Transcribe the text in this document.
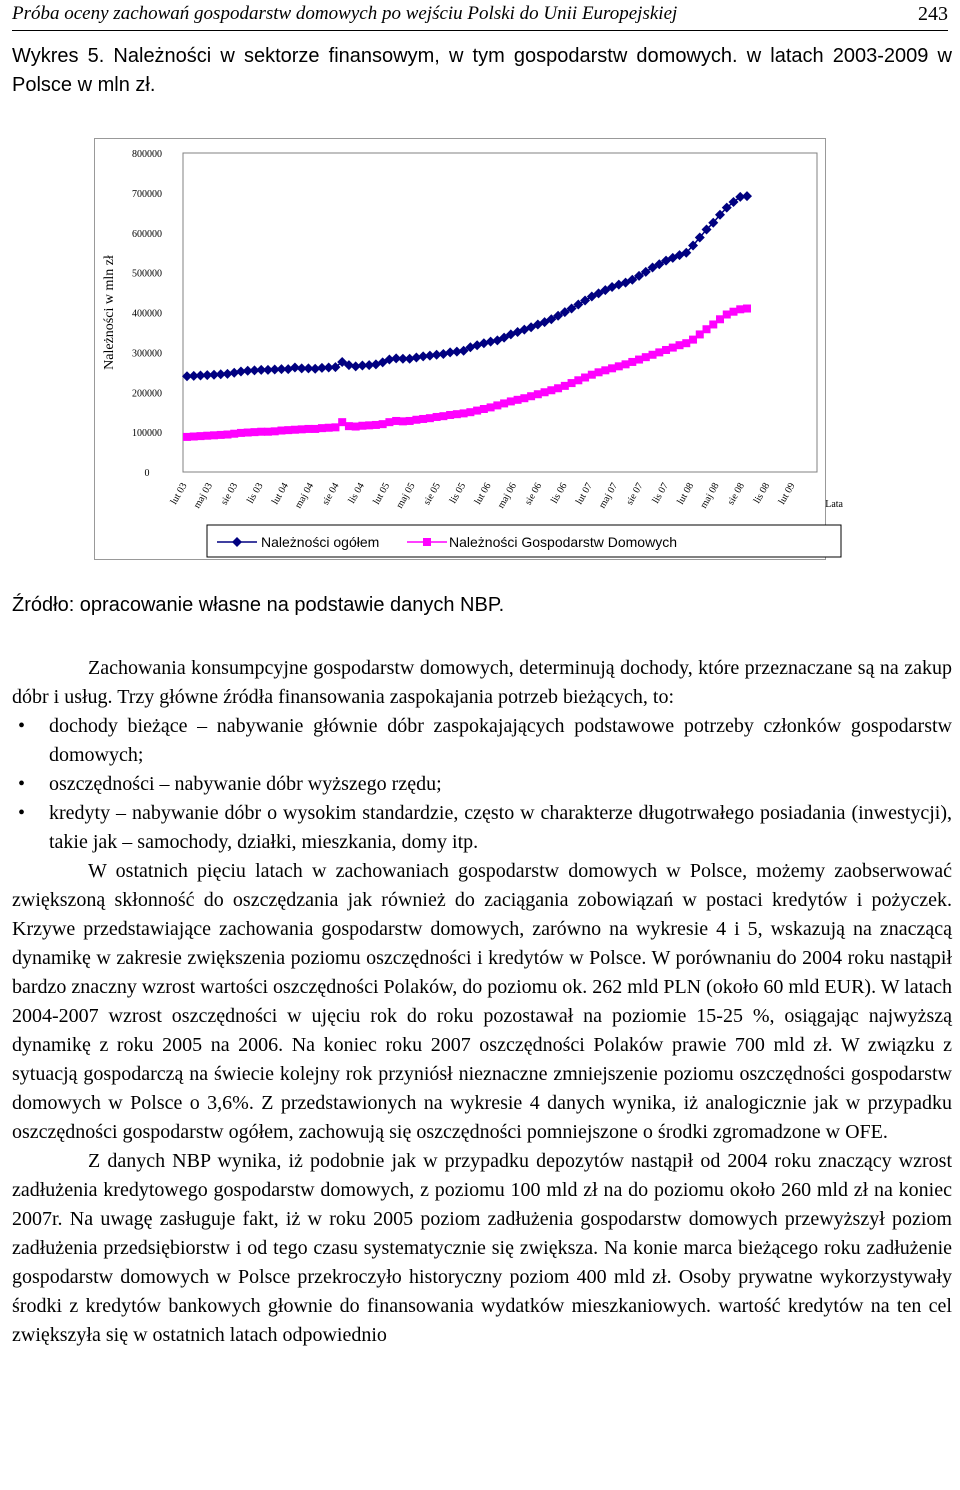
Próba oceny zachowań gospodarstw domowych po wejściu Polski do Unii Europejskiej	243
Wykres 5. Należności w sektorze finansowym, w tym gospodarstw domowych. w latach 2003-2009 w Polsce w mln zł.
0
100000
200000
300000
400000
500000
600000
700000
800000
Należności w mln zł
lut 03 maj 03 sie 03 lis 03 lut 04 maj 04 sie 04 lis 04 lut 05 maj 05 sie 05 lis 05 lut 06 maj 06 sie 06 lis 06 lut 07 maj 07 sie 07 lis 07 lut 08 maj 08 sie 08 lis 08 lut 09	Lata
Należności ogółem	Należności Gospodarstw Domowych
Źródło: opracowanie własne na podstawie danych NBP.

Zachowania konsumpcyjne gospodarstw domowych, determinują dochody, które przeznaczane są na zakup dóbr i usług. Trzy główne źródła finansowania zaspokajania potrzeb bieżących, to:

• dochody bieżące – nabywanie głównie dóbr zaspokajających podstawowe potrzeby członków gospodarstw domowych;
• oszczędności – nabywanie dóbr wyższego rzędu;
• kredyty – nabywanie dóbr o wysokim standardzie, często w charakterze długotrwałego posiadania (inwestycji), takie jak – samochody, działki, mieszkania, domy itp.

W ostatnich pięciu latach w zachowaniach gospodarstw domowych w Polsce, możemy zaobserwować zwiększoną skłonność do oszczędzania jak również do zaciągania zobowiązań w postaci kredytów i pożyczek. Krzywe przedstawiające zachowania gospodarstw domowych, zarówno na wykresie 4 i 5, wskazują na znaczącą dynamikę w zakresie zwiększenia poziomu oszczędności i kredytów w Polsce. W porównaniu do 2004 roku nastąpił bardzo znaczny wzrost wartości oszczędności Polaków, do poziomu ok. 262 mld PLN (około 60 mld EUR). W latach 2004-2007 wzrost oszczędności w ujęciu rok do roku pozostawał na poziomie 15-25 %, osiągając najwyższą dynamikę z roku 2005 na 2006. Na koniec roku 2007 oszczędności Polaków prawie 700 mld zł. W związku z sytuacją gospodarczą na świecie kolejny rok przyniósł nieznaczne zmniejszenie poziomu oszczędności gospodarstw domowych w Polsce o 3,6%. Z przedstawionych na wykresie 4 danych wynika, iż analogicznie jak w przypadku oszczędności gospodarstw ogółem, zachowują się oszczędności pomniejszone o środki zgromadzone w OFE.

Z danych NBP wynika, iż podobnie jak w przypadku depozytów nastąpił od 2004 roku znaczący wzrost zadłużenia kredytowego gospodarstw domowych, z poziomu 100 mld zł na do poziomu około 260 mld zł na koniec 2007r. Na uwagę zasługuje fakt, iż w roku 2005 poziom zadłużenia gospodarstw domowych przewyższył poziom zadłużenia przedsiębiorstw i od tego czasu systematycznie się zwiększa. Na konie marca bieżącego roku zadłużenie gospodarstw domowych w Polsce przekroczyło historyczny poziom 400 mld zł. Osoby prywatne wykorzystywały środki z kredytów bankowych głownie do finansowania wydatków mieszkaniowych. wartość kredytów na ten cel zwiększyła się w ostatnich latach odpowiednio
